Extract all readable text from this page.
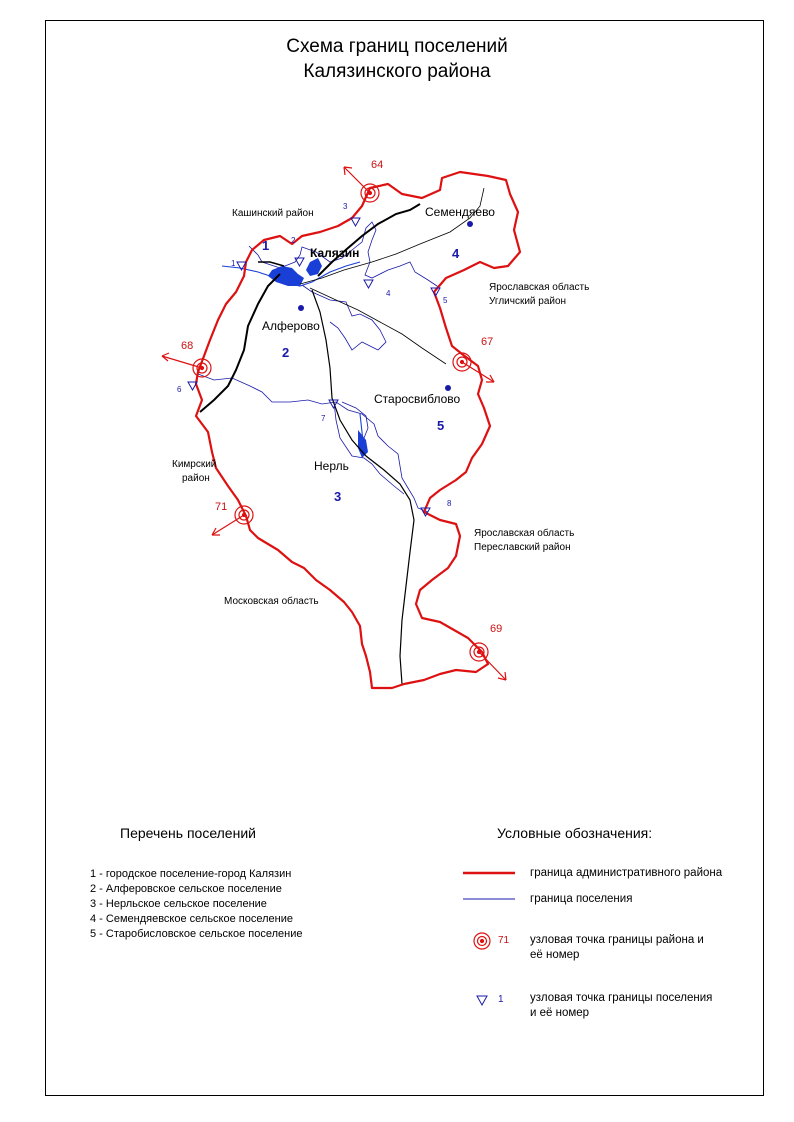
Схема границ поселений
Калязинского района
Калязин
Семендяево
Алферово
Старосвиблово
Нерль
1
2
3
4
5
Кашинский район
Ярославская область
Угличский район
Кимрский
район
Ярославская область
Переславский район
Московская область
64
67
68
71
69
1
2
3
4
5
6
7
8
Перечень поселений
1 - городское поселение-город Калязин
2 - Алферовское сельское поселение
3 - Нерльское сельское поселение
4 - Семендяевское сельское поселение
5 - Старобисловское сельское поселение
Условные обозначения:
граница административного района
граница поселения
71 узловая точка границы района и
её номер
1 узловая точка границы поселения
и её номер
